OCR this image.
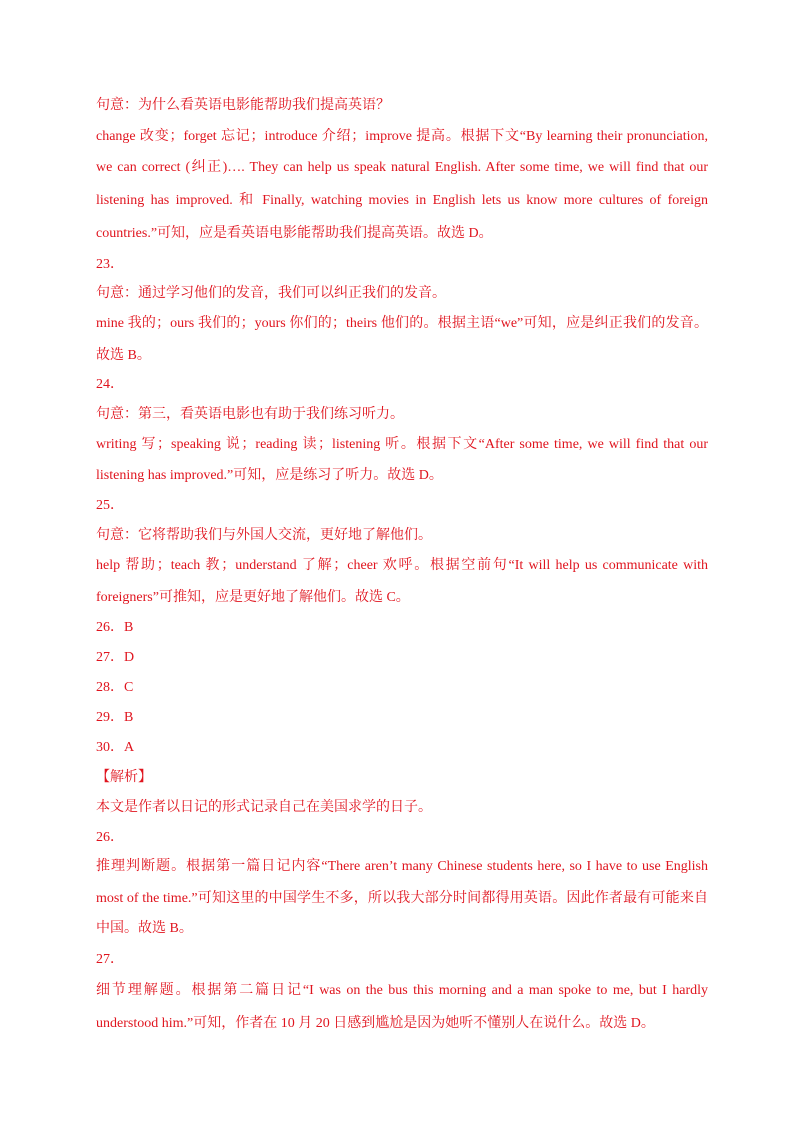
句意：为什么看英语电影能帮助我们提高英语？
change 改变；forget 忘记；introduce 介绍；improve 提高。根据下文“By learning their pronunciation,
we can correct (纠正)…. They can help us speak natural English. After some time, we will find that our
listening has improved. 和 Finally, watching movies in English lets us know more cultures of foreign
countries.”可知，应是看英语电影能帮助我们提高英语。故选 D。
23．
句意：通过学习他们的发音，我们可以纠正我们的发音。
mine 我的；ours 我们的；yours 你们的；theirs 他们的。根据主语“we”可知，应是纠正我们的发音。
故选 B。
24．
句意：第三，看英语电影也有助于我们练习听力。
writing 写；speaking 说；reading 读；listening 听。根据下文“After some time, we will find that our
listening has improved.”可知，应是练习了听力。故选 D。
25．
句意：它将帮助我们与外国人交流，更好地了解他们。
help 帮助；teach 教；understand 了解；cheer 欢呼。根据空前句“It will help us communicate with
foreigners”可推知，应是更好地了解他们。故选 C。
26．B
27．D
28．C
29．B
30．A
【解析】
本文是作者以日记的形式记录自己在美国求学的日子。
26．
推理判断题。根据第一篇日记内容“There aren’t many Chinese students here, so I have to use English
most of the time.”可知这里的中国学生不多，所以我大部分时间都得用英语。因此作者最有可能来自
中国。故选 B。
27．
细节理解题。根据第二篇日记“I was on the bus this morning and a man spoke to me, but I hardly
understood him.”可知，作者在 10 月 20 日感到尴尬是因为她听不懂别人在说什么。故选 D。
